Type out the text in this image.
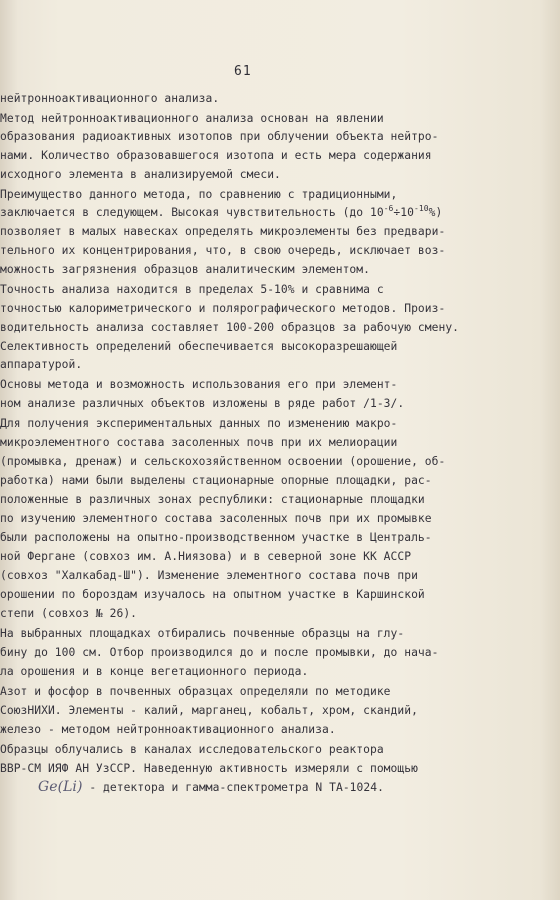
61
нейтронноактивационного анализа.
Метод нейтронноактивационного анализа основан на явлении
образования радиоактивных изотопов при облучении объекта нейтро-
нами. Количество образовавшегося изотопа и есть мера содержания
исходного элемента в анализируемой смеси.
Преимущество данного метода, по сравнению с традиционными,
заключается в следующем. Высокая чувствительность (до $10^{-6}\div 10^{-10}\%$)
позволяет в малых навесках определять микроэлементы без предвари-
тельного их концентрирования, что, в свою очередь, исключает воз-
можность загрязнения образцов аналитическим элементом.
Точность анализа находится в пределах 5-10% и сравнима с
точностью калориметрического и полярографического методов. Произ-
водительность анализа составляет 100-200 образцов за рабочую смену.
Селективность определений обеспечивается высокоразрешающей
аппаратурой.
Основы метода и возможность использования его при элемент-
ном анализе различных объектов изложены в ряде работ /1-3/.
Для получения экспериментальных данных по изменению макро-
микроэлементного состава засоленных почв при их мелиорации
(промывка, дренаж) и сельскохозяйственном освоении (орошение, об-
работка) нами были выделены стационарные опорные площадки, рас-
положенные в различных зонах республики: стационарные площадки
по изучению элементного состава засоленных почв при их промывке
были расположены на опытно-производственном участке в Централь-
ной Фергане (совхоз им. А.Ниязова) и в северной зоне КК АССР
(совхоз "Халкабад-Ш"). Изменение элементного состава почв при
орошении по бороздам изучалось на опытном участке в Каршинской
степи (совхоз № 26).
На выбранных площадках отбирались почвенные образцы на глу-
бину до 100 см. Отбор производился до и после промывки, до нача-
ла орошения и в конце вегетационного периода.
Азот и фосфор в почвенных образцах определяли по методике
СоюзНИХИ. Элементы - калий, марганец, кобальт, хром, скандий,
железо - методом нейтронноактивационного анализа.
Образцы облучались в каналах исследовательского реактора
ВВР-СМ ИЯФ АН УзССР. Наведенную активность измеряли с помощью
Ge(Li) - детектора и гамма-спектрометра N ТА-1024.
